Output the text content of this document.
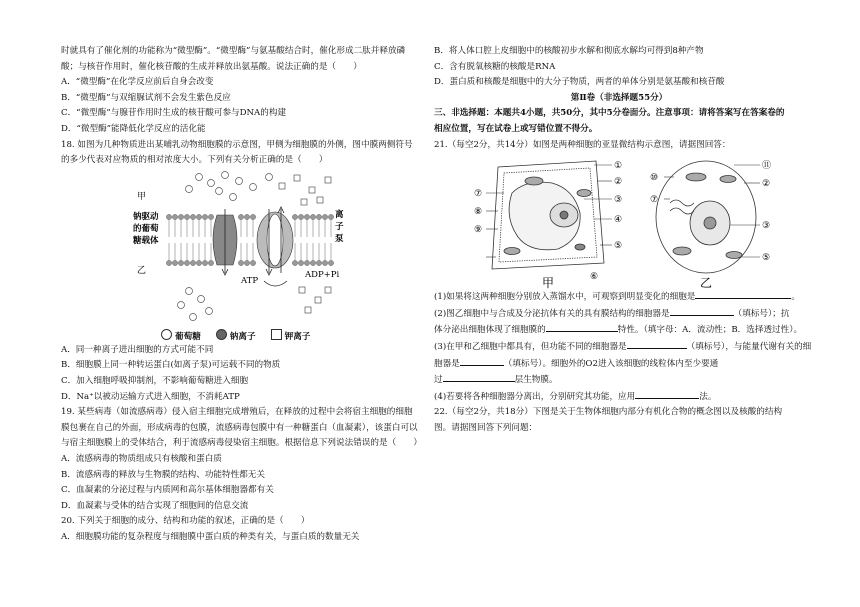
时就具有了催化剂的功能称为“微型酶”。“微型酶”与氨基酸结合时，催化形成二肽并释放磷

酸；与核苷作用时，催化核苷酸的生成并释放出氨基酸。说法正确的是（　　）

A．“微型酶”在化学反应前后自身会改变

B．“微型酶”与双缩脲试剂不会发生紫色反应

C．“微型酶”与腺苷作用时生成的核苷酸可参与DNA的构建

D．“微型酶”能降低化学反应的活化能

18. 如图为几种物质进出某哺乳动物细胞膜的示意图，甲侧为细胞膜的外侧，图中膜两侧符号

的多少代表对应物质的相对浓度大小。下列有关分析正确的是（　　）

甲
钠驱动
的葡萄
糖载体
乙
离
子
泵
ATP
ADP+Pi
葡萄糖	钠离子	钾离子

A．同一种离子进出细胞的方式可能不同

B．细胞膜上同一种转运蛋白(如离子泵)可运载不同的物质

C．加入细胞呼吸抑制剂，不影响葡萄糖进入细胞

D．Na⁺以被动运输方式进入细胞，不消耗ATP

19. 某些病毒（如流感病毒）侵入宿主细胞完成增殖后，在释放的过程中会将宿主细胞的细胞

膜包裹在自己的外面，形成病毒的包膜，流感病毒包膜中有一种糖蛋白（血凝素），该蛋白可以

与宿主细胞膜上的受体结合，利于流感病毒侵染宿主细胞。根据信息下列说法错误的是（　　）

A．流感病毒的物质组成只有核酸和蛋白质

B．流感病毒的释放与生物膜的结构、功能特性都无关

C．血凝素的分泌过程与内质网和高尔基体细胞器都有关

D．血凝素与受体的结合实现了细胞间的信息交流

20. 下列关于细胞的成分、结构和功能的叙述，正确的是（　　）

A．细胞膜功能的复杂程度与细胞膜中蛋白质的种类有关，与蛋白质的数量无关

B．将人体口腔上皮细胞中的核酸初步水解和彻底水解均可得到8种产物

C．含有脱氧核糖的核酸是RNA

D．蛋白质和核酸是细胞中的大分子物质，两者的单体分别是氨基酸和核苷酸

第Ⅱ卷（非选择题55分）

三、非选择题：本题共4小题，共50分，其中5分卷面分。注意事项：请将答案写在答案卷的

相应位置，写在试卷上或写错位置不得分。

21.（每空2分，共14分）如图是两种细胞的亚显微结构示意图，请据图回答：

①
②
③
④
⑤
⑥
⑦
⑧
⑨
甲
⑪
②
⑩
⑦
③
⑤
乙

(1)如果将这两种细胞分别放入蒸馏水中，可观察到明显变化的细胞是	。

(2)图乙细胞中与合成及分泌抗体有关的具有膜结构的细胞器是	（填标号）；抗

体分泌出细胞体现了细胞膜的	特性。（填字母：A．流动性；B．选择透过性）。

(3)在甲和乙细胞中都具有，但功能不同的细胞器是	（填标号），与能量代谢有关的细

胞器是	（填标号）。细胞外的O2进入该细胞的线粒体内至少要通

过	层生物膜。

(4)若要将各种细胞器分离出，分别研究其功能，应用	法。

22.（每空2分，共18分）下图是关于生物体细胞内部分有机化合物的概念图以及核酸的结构

图。请据图回答下列问题：
